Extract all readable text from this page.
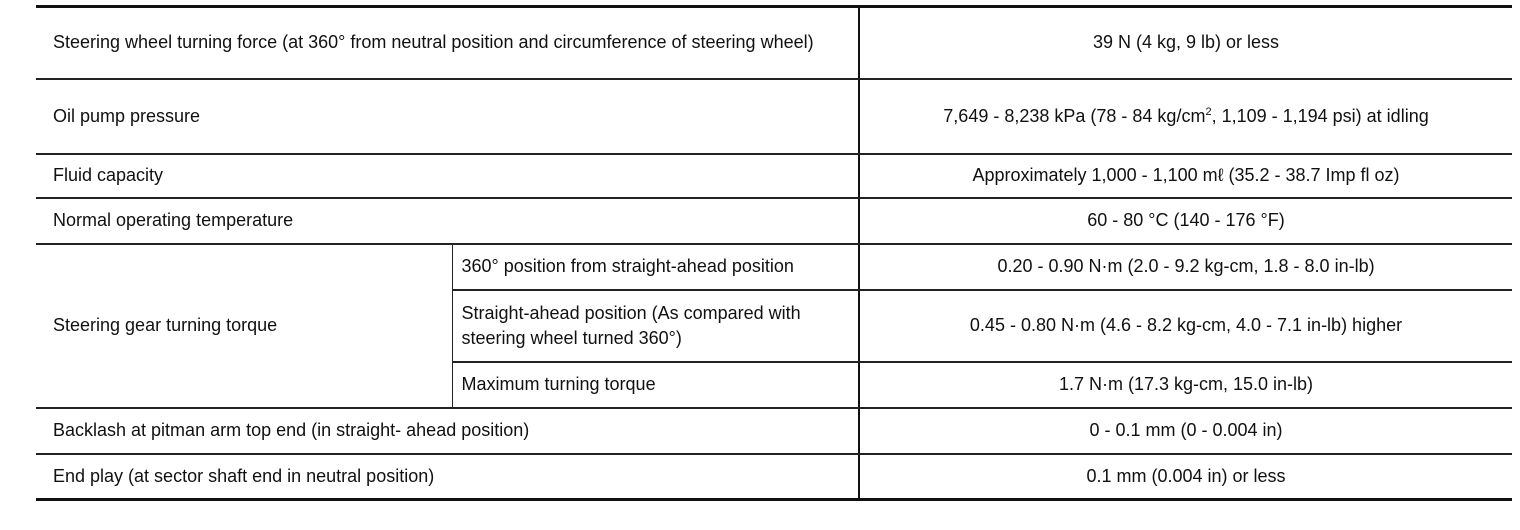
Steering wheel turning force (at 360° from neutral position and circumference of steering wheel)		39 N (4 kg, 9 lb) or less
Oil pump pressure		7,649 - 8,238 kPa (78 - 84 $kg/cm^2$, 1,109 - 1,194 psi) at idling
Fluid capacity		Approximately 1,000 - 1,100 mℓ (35.2 - 38.7 Imp fl oz)
Normal operating temperature		60 - 80 °C (140 - 176 °F)
Steering gear turning torque	360° position from straight-ahead position	0.20 - 0.90 N·m (2.0 - 9.2 kg-cm, 1.8 - 8.0 in-lb)
	Straight-ahead position (As compared with steering wheel turned 360°)	0.45 - 0.80 N·m (4.6 - 8.2 kg-cm, 4.0 - 7.1 in-lb) higher
	Maximum turning torque	1.7 N·m (17.3 kg-cm, 15.0 in-lb)
Backlash at pitman arm top end (in straight- ahead position)		0 - 0.1 mm (0 - 0.004 in)
End play (at sector shaft end in neutral position)		0.1 mm (0.004 in) or less
